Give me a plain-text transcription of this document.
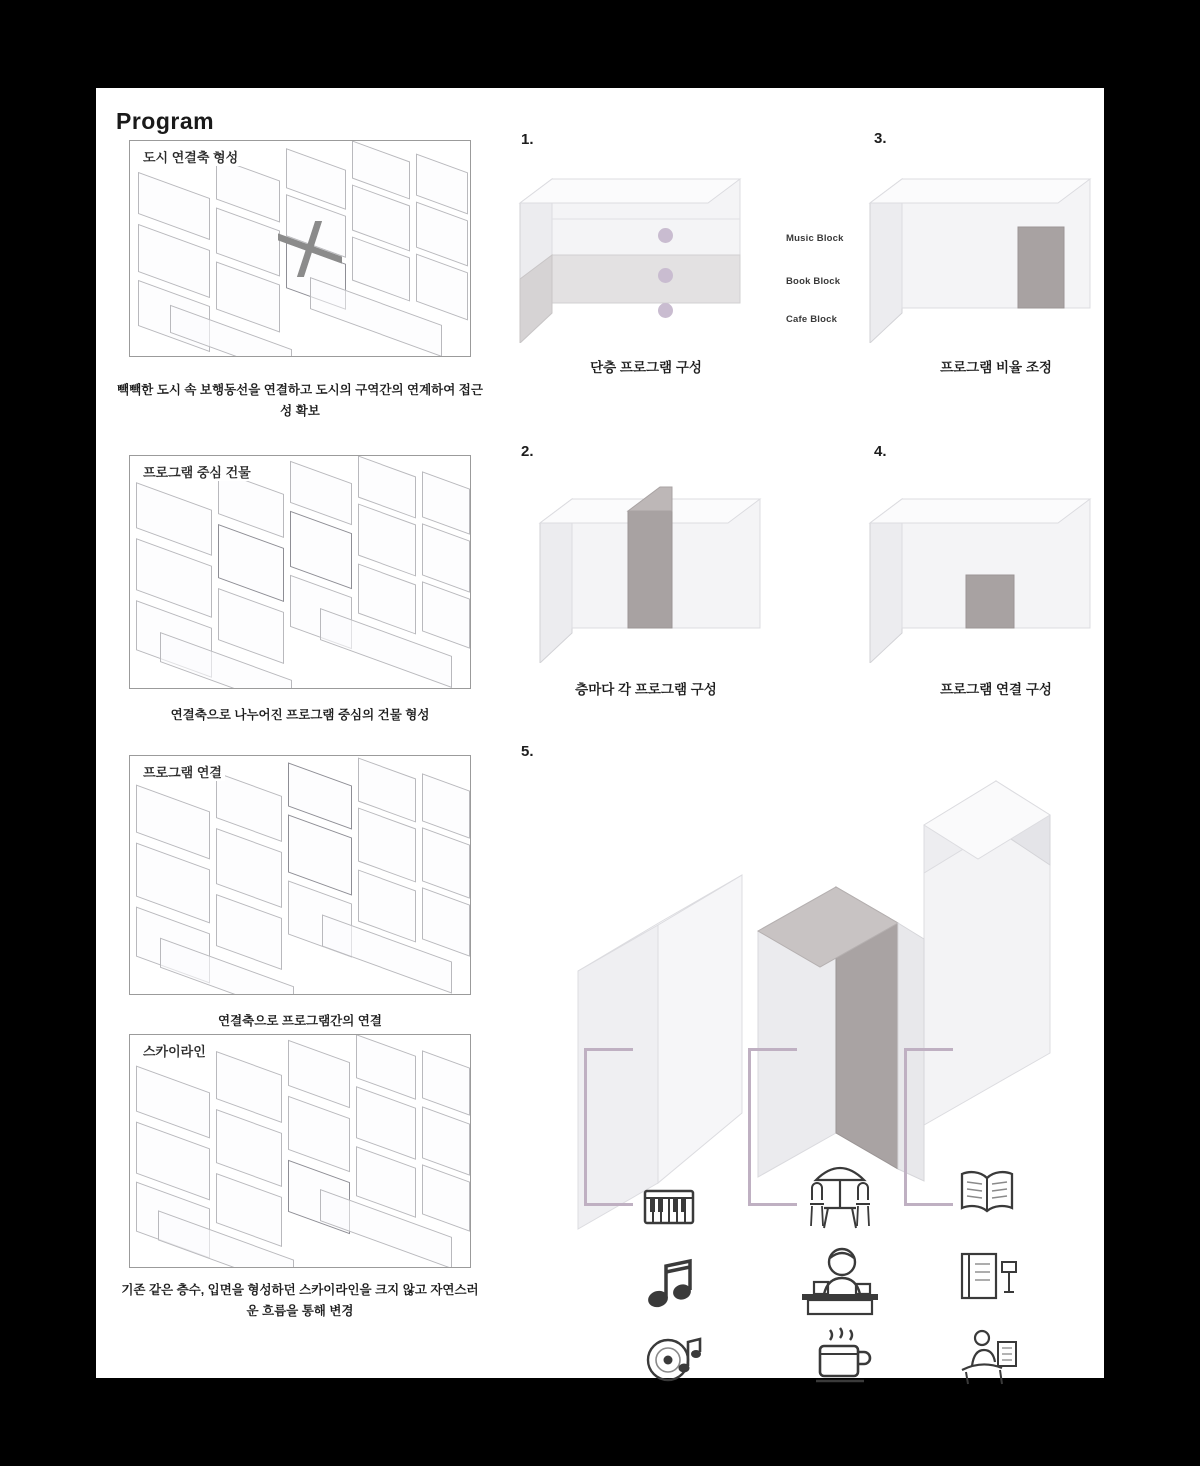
Program
도시 연결축 형성
빽빽한 도시 속 보행동선을 연결하고 도시의 구역간의 연계하여 접근성 확보
프로그램 중심 건물
연결축으로 나누어진 프로그램 중심의 건물 형성
프로그램 연결
연결축으로 프로그램간의 연결
스카이라인
기존 같은 층수, 입면을 형성하던 스카이라인을 크지 않고 자연스러운 흐름을 통해 변경
1.
단층 프로그램 구성
Music Block
Book Block
Cafe Block
3.
프로그램 비율 조정
2.
층마다 각 프로그램 구성
4.
프로그램 연결 구성
5.
